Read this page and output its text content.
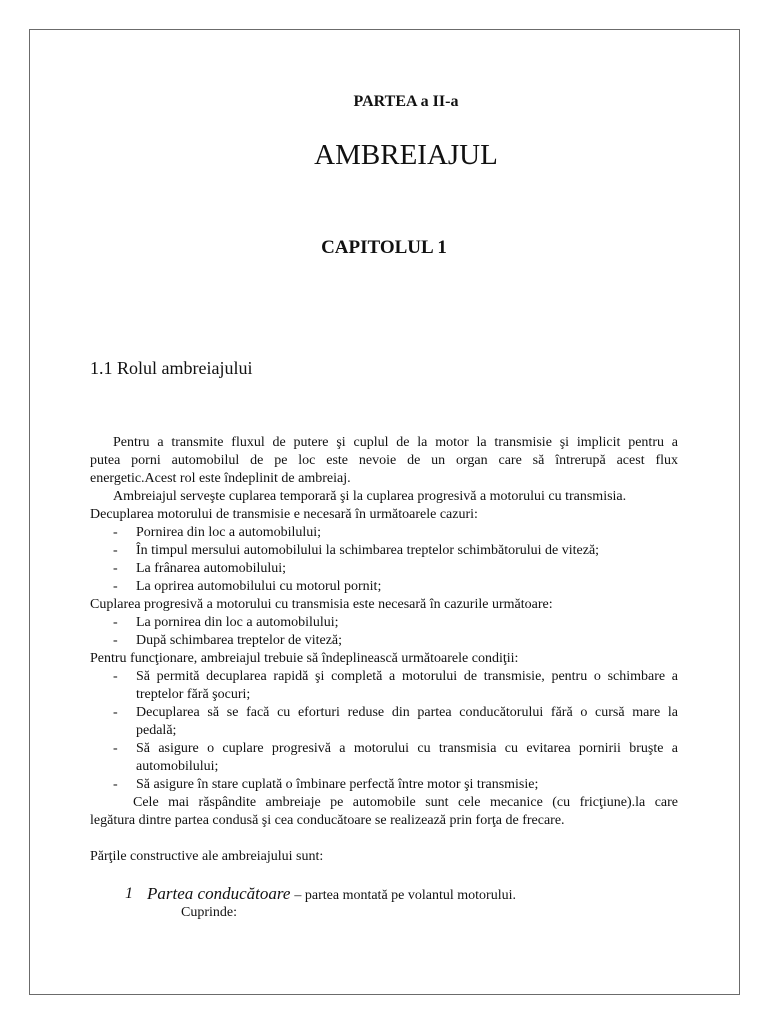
PARTEA a II-a
AMBREIAJUL
CAPITOLUL 1
1.1 Rolul ambreiajului
Pentru a transmite fluxul de putere şi cuplul de la motor la transmisie şi implicit pentru a
putea porni automobilul de pe loc este nevoie de un organ care să întrerupă acest flux
energetic.Acest rol este îndeplinit de ambreiaj.
Ambreiajul serveşte cuplarea temporară şi la cuplarea progresivă a motorului cu transmisia.
Decuplarea motorului de transmisie e necesară în următoarele cazuri:
- Pornirea din loc a automobilului;
- În timpul mersului automobilului la schimbarea treptelor schimbătorului de viteză;
- La frânarea automobilului;
- La oprirea automobilului cu motorul pornit;
Cuplarea progresivă a motorului cu transmisia este necesară în cazurile următoare:
- La pornirea din loc a automobilului;
- După schimbarea treptelor de viteză;
Pentru funcţionare, ambreiajul trebuie să îndeplinească următoarele condiţii:
- Să permită decuplarea rapidă şi completă a motorului de transmisie, pentru o schimbare a
treptelor fără şocuri;
- Decuplarea să se facă cu eforturi reduse din partea conducătorului fără o cursă mare la
pedală;
- Să asigure o cuplare progresivă a motorului cu transmisia cu evitarea pornirii bruşte a
automobilului;
- Să asigure în stare cuplată o îmbinare perfectă între motor şi transmisie;
Cele mai răspândite ambreiaje pe automobile sunt cele mecanice (cu fricţiune).la care
legătura dintre partea condusă şi cea conducătoare se realizează prin forţa de frecare.
Părţile constructive ale ambreiajului sunt:
1 Partea conducătoare – partea montată pe volantul motorului.
Cuprinde:
